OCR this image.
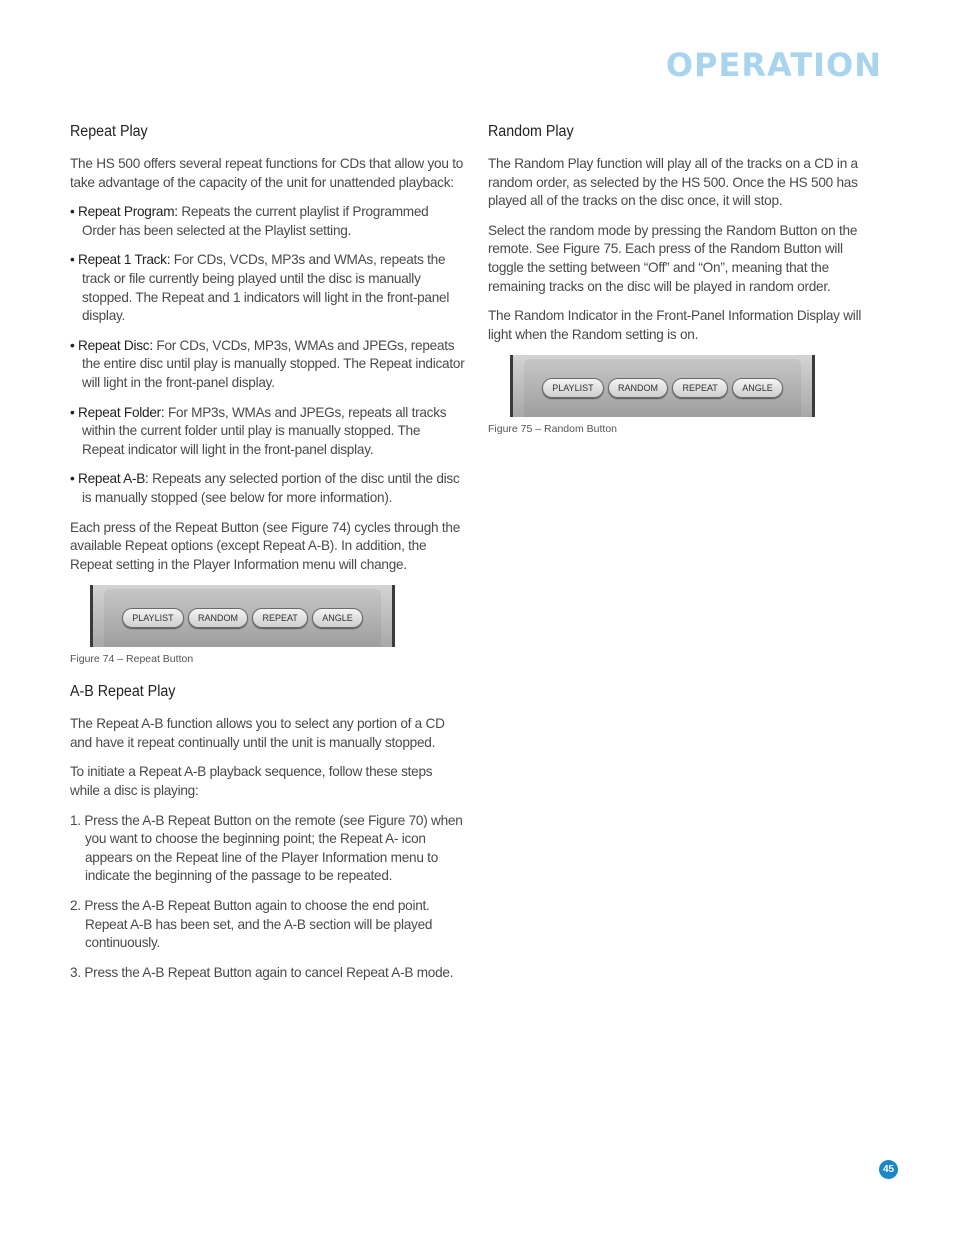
OPERATION
Repeat Play

The HS 500 offers several repeat functions for CDs that allow you to take advantage of the capacity of the unit for unattended playback:

• Repeat Program: Repeats the current playlist if Programmed Order has been selected at the Playlist setting.

• Repeat 1 Track: For CDs, VCDs, MP3s and WMAs, repeats the track or file currently being played until the disc is manually stopped. The Repeat and 1 indicators will light in the front-panel display.

• Repeat Disc: For CDs, VCDs, MP3s, WMAs and JPEGs, repeats the entire disc until play is manually stopped. The Repeat indicator will light in the front-panel display.

• Repeat Folder: For MP3s, WMAs and JPEGs, repeats all tracks within the current folder until play is manually stopped. The Repeat indicator will light in the front-panel display.

• Repeat A-B: Repeats any selected portion of the disc until the disc is manually stopped (see below for more information).

Each press of the Repeat Button (see Figure 74) cycles through the available Repeat options (except Repeat A-B). In addition, the Repeat setting in the Player Information menu will change.

PLAYLIST	RANDOM	REPEAT	ANGLE
Figure 74 – Repeat Button
A-B Repeat Play

The Repeat A-B function allows you to select any portion of a CD and have it repeat continually until the unit is manually stopped.

To initiate a Repeat A-B playback sequence, follow these steps while a disc is playing:

1. Press the A-B Repeat Button on the remote (see Figure 70) when you want to choose the beginning point; the Repeat A- icon appears on the Repeat line of the Player Information menu to indicate the beginning of the passage to be repeated.

2. Press the A-B Repeat Button again to choose the end point. Repeat A-B has been set, and the A-B section will be played continuously.

3. Press the A-B Repeat Button again to cancel Repeat A-B mode.

Random Play

The Random Play function will play all of the tracks on a CD in a random order, as selected by the HS 500. Once the HS 500 has played all of the tracks on the disc once, it will stop.

Select the random mode by pressing the Random Button on the remote. See Figure 75. Each press of the Random Button will toggle the setting between “Off” and “On”, meaning that the remaining tracks on the disc will be played in random order.

The Random Indicator in the Front-Panel Information Display will light when the Random setting is on.

PLAYLIST	RANDOM	REPEAT	ANGLE
Figure 75 – Random Button
45
